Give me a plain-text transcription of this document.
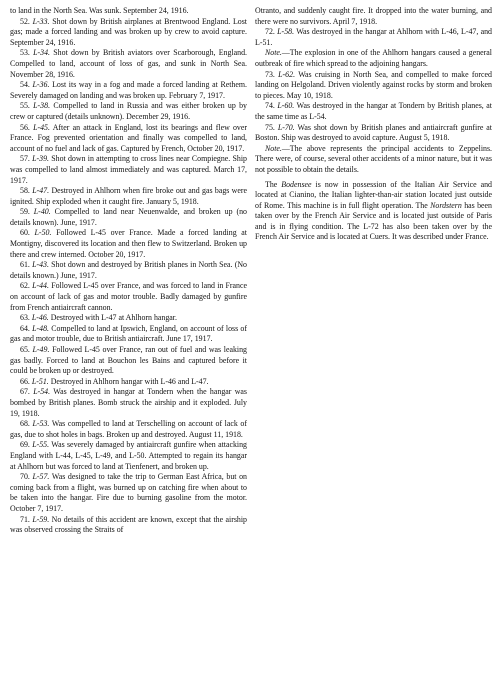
to land in the North Sea. Was sunk. September 24, 1916.

52. L-33. Shot down by British airplanes at Brentwood England. Lost gas; made a forced landing and was broken up by crew to avoid capture. September 24, 1916.

53. L-34. Shot down by British aviators over Scarborough, England. Compelled to land, account of loss of gas, and sunk in North Sea. November 28, 1916.

54. L-36. Lost its way in a fog and made a forced landing at Rethem. Severely damaged on landing and was broken up. February 7, 1917.

55. L-38. Compelled to land in Russia and was either broken up by crew or captured (details unknown). December 29, 1916.

56. L-45. After an attack in England, lost its bearings and flew over France. Fog prevented orientation and finally was compelled to land, account of no fuel and lack of gas. Captured by French, October 20, 1917.

57. L-39. Shot down in attempting to cross lines near Compiegne. Ship was compelled to land almost immediately and was captured. March 17, 1917.

58. L-47. Destroyed in Ahlhorn when fire broke out and gas bags were ignited. Ship exploded when it caught fire. January 5, 1918.

59. L-40. Compelled to land near Neuenwalde, and broken up (no details known). June, 1917.

60. L-50. Followed L-45 over France. Made a forced landing at Montigny, discovered its location and then flew to Switzerland. Broken up there and crew interned. October 20, 1917.

61. L-43. Shot down and destroyed by British planes in North Sea. (No details known.) June, 1917.

62. L-44. Followed L-45 over France, and was forced to land in France on account of lack of gas and motor trouble. Badly damaged by gunfire from French antiaircraft cannon.

63. L-46. Destroyed with L-47 at Ahlhorn hangar.

64. L-48. Compelled to land at Ipswich, England, on account of loss of gas and motor trouble, due to British antiaircraft. June 17, 1917.

65. L-49. Followed L-45 over France, ran out of fuel and was leaking gas badly. Forced to land at Bouchon les Bains and captured before it could be broken up or destroyed.

66. L-51. Destroyed in Ahlhorn hangar with L-46 and L-47.

67. L-54. Was destroyed in hangar at Tondern when the hangar was bombed by British planes. Bomb struck the airship and it exploded. July 19, 1918.

68. L-53. Was compelled to land at Terschelling on account of lack of gas, due to shot holes in bags. Broken up and destroyed. August 11, 1918.

69. L-55. Was severely damaged by antiaircraft gunfire when attacking England with L-44, L-45, L-49, and L-50. Attempted to regain its hangar at Ahlhorn but was forced to land at Tienfenert, and broken up.

70. L-57. Was designed to take the trip to German East Africa, but on coming back from a flight, was burned up on catching fire when about to be taken into the hangar. Fire due to burning gasoline from the motor. October 7, 1917.

71. L-59. No details of this accident are known, except that the airship was observed crossing the Straits of

Otranto, and suddenly caught fire. It dropped into the water burning, and there were no survivors. April 7, 1918.

72. L-58. Was destroyed in the hangar at Ahlhorn with L-46, L-47, and L-51.

Note.—The explosion in one of the Ahlhorn hangars caused a general outbreak of fire which spread to the adjoining hangars.

73. L-62. Was cruising in North Sea, and compelled to make forced landing on Helgoland. Driven violently against rocks by storm and broken to pieces. May 10, 1918.

74. L-60. Was destroyed in the hangar at Tondern by British planes, at the same time as L-54.

75. L-70. Was shot down by British planes and antiaircraft gunfire at Boston. Ship was destroyed to avoid capture. August 5, 1918.

Note.—The above represents the principal accidents to Zeppelins. There were, of course, several other accidents of a minor nature, but it was not possible to obtain the details.

The Bodensee is now in possession of the Italian Air Service and located at Cianino, the Italian lighter-than-air station located just outside of Rome. This machine is in full flight operation. The Nordstern has been taken over by the French Air Service and is located just outside of Paris and is in flying condition. The L-72 has also been taken over by the French Air Service and is located at Cuers. It was described under France.
